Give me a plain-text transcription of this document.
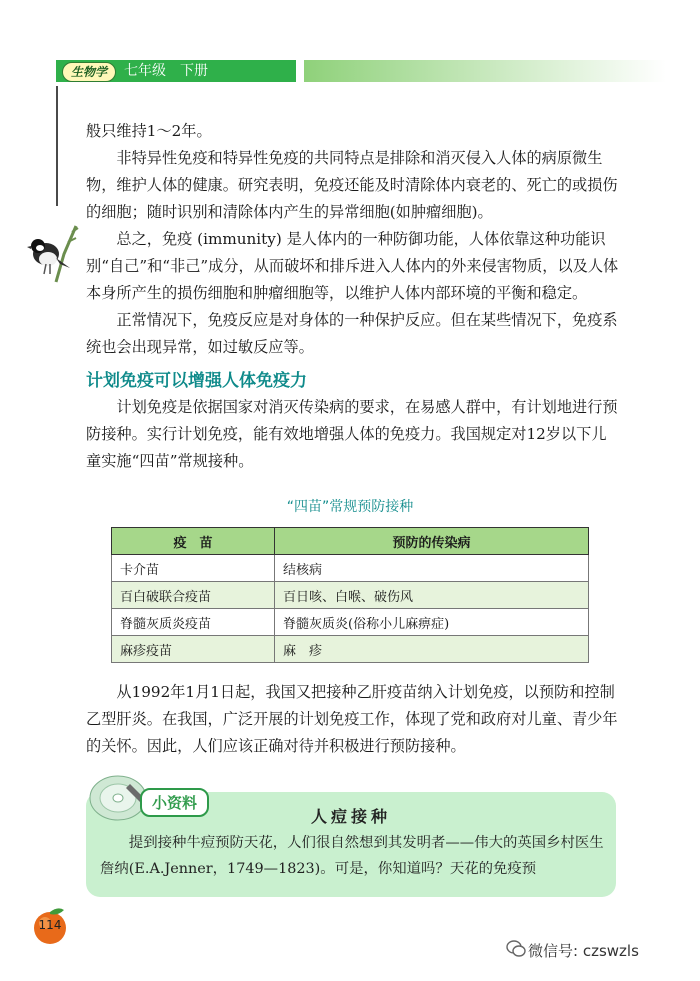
生物学	七年级　下册

般只维持1～2年。

非特异性免疫和特异性免疫的共同特点是排除和消灭侵入人体的病原微生物，维护人体的健康。研究表明，免疫还能及时清除体内衰老的、死亡的或损伤的细胞；随时识别和清除体内产生的异常细胞(如肿瘤细胞)。

总之，免疫 (immunity) 是人体内的一种防御功能，人体依靠这种功能识别“自己”和“非己”成分，从而破坏和排斥进入人体内的外来侵害物质，以及人体本身所产生的损伤细胞和肿瘤细胞等，以维护人体内部环境的平衡和稳定。

正常情况下，免疫反应是对身体的一种保护反应。但在某些情况下，免疫系统也会出现异常，如过敏反应等。

计划免疫可以增强人体免疫力

计划免疫是依据国家对消灭传染病的要求，在易感人群中，有计划地进行预防接种。实行计划免疫，能有效地增强人体的免疫力。我国规定对12岁以下儿童实施“四苗”常规接种。

“四苗”常规预防接种
疫　苗	预防的传染病
卡介苗	结核病
百白破联合疫苗	百日咳、白喉、破伤风
脊髓灰质炎疫苗	脊髓灰质炎(俗称小儿麻痹症)
麻疹疫苗	麻　疹

从1992年1月1日起，我国又把接种乙肝疫苗纳入计划免疫，以预防和控制乙型肝炎。在我国，广泛开展的计划免疫工作，体现了党和政府对儿童、青少年的关怀。因此，人们应该正确对待并积极进行预防接种。

小资料
人痘接种

提到接种牛痘预防天花，人们很自然想到其发明者——伟大的英国乡村医生詹纳(E.A.Jenner，1749—1823)。可是，你知道吗？天花的免疫预

114
微信号: czswzls
